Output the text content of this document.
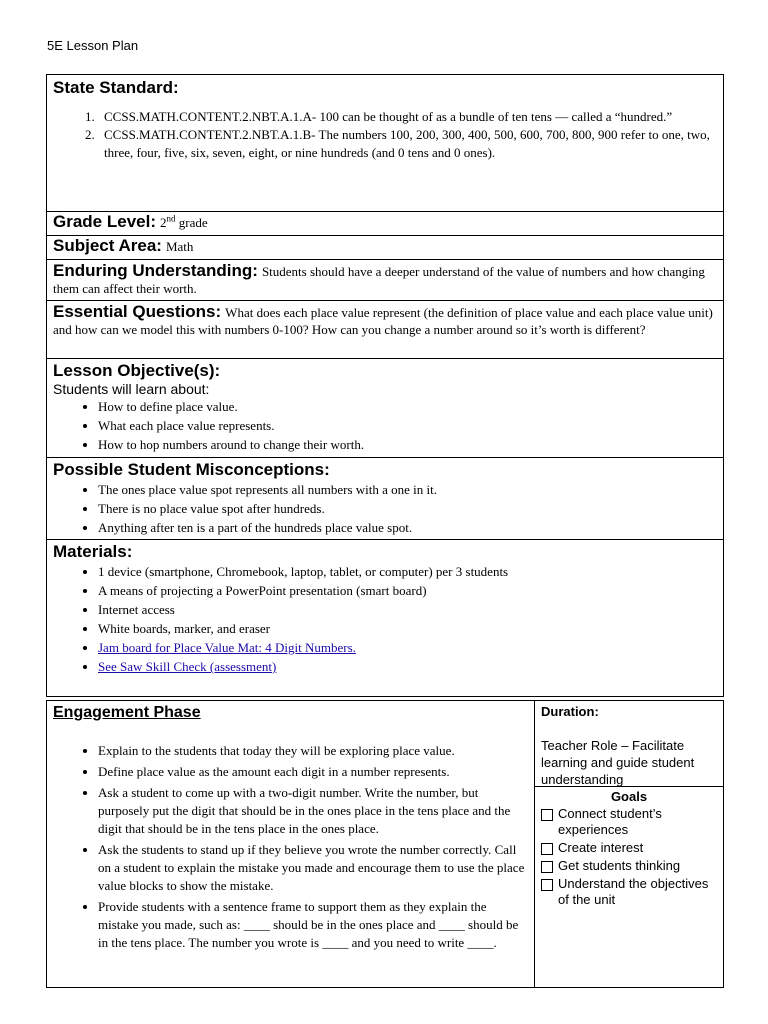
5E Lesson Plan
State Standard:
1. CCSS.MATH.CONTENT.2.NBT.A.1.A- 100 can be thought of as a bundle of ten tens — called a “hundred.”
2. CCSS.MATH.CONTENT.2.NBT.A.1.B- The numbers 100, 200, 300, 400, 500, 600, 700, 800, 900 refer to one, two, three, four, five, six, seven, eight, or nine hundreds (and 0 tens and 0 ones).
Grade Level: 2nd grade
Subject Area: Math
Enduring Understanding: Students should have a deeper understand of the value of numbers and how changing them can affect their worth.
Essential Questions: What does each place value represent (the definition of place value and each place value unit) and how can we model this with numbers 0-100? How can you change a number around so it’s worth is different?
Lesson Objective(s):
Students will learn about:
• How to define place value.
• What each place value represents.
• How to hop numbers around to change their worth.
Possible Student Misconceptions:
• The ones place value spot represents all numbers with a one in it.
• There is no place value spot after hundreds.
• Anything after ten is a part of the hundreds place value spot.
Materials:
• 1 device (smartphone, Chromebook, laptop, tablet, or computer) per 3 students
• A means of projecting a PowerPoint presentation (smart board)
• Internet access
• White boards, marker, and eraser
• Jam board for Place Value Mat: 4 Digit Numbers.
• See Saw Skill Check (assessment)
Engagement Phase
• Explain to the students that today they will be exploring place value.
• Define place value as the amount each digit in a number represents.
• Ask a student to come up with a two-digit number. Write the number, but purposely put the digit that should be in the ones place in the tens place and the digit that should be in the tens place in the ones place.
• Ask the students to stand up if they believe you wrote the number correctly. Call on a student to explain the mistake you made and encourage them to use the place value blocks to show the mistake.
• Provide students with a sentence frame to support them as they explain the mistake you made, such as: ____ should be in the ones place and ____ should be in the tens place. The number you wrote is ____ and you need to write ____.
Duration:
Teacher Role – Facilitate learning and guide student understanding
Goals
Connect student’s experiences
Create interest
Get students thinking
Understand the objectives of the unit
